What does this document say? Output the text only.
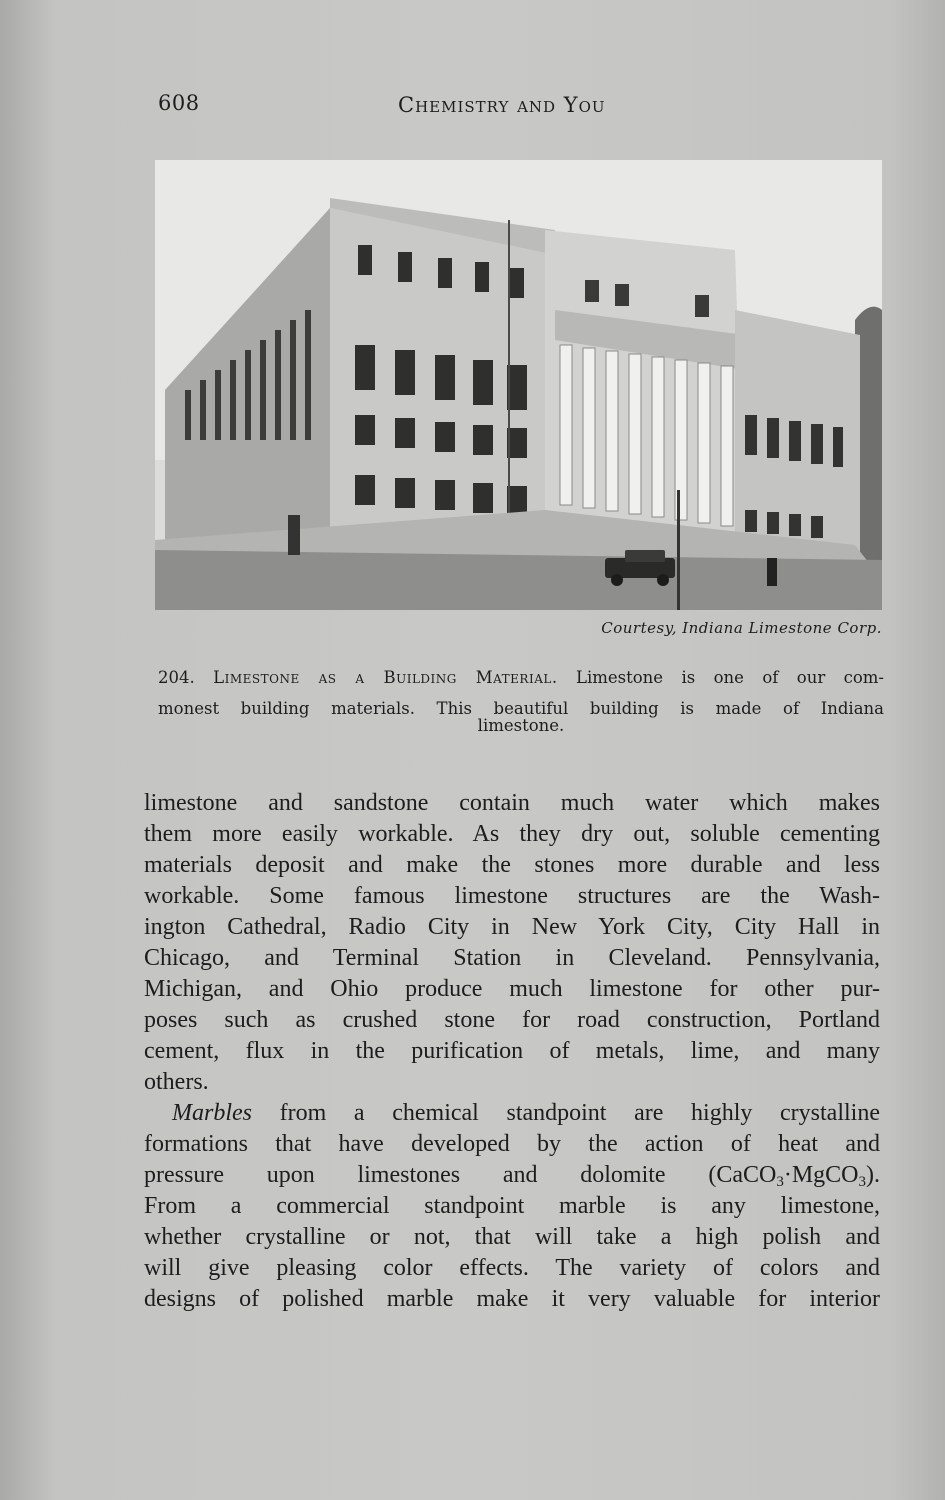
608	Chemistry and You
Courtesy, Indiana Limestone Corp.
204. Limestone as a Building Material. Limestone is one of our com-
monest building materials. This beautiful building is made of Indiana
limestone.

limestone and sandstone contain much water which makes
them more easily workable. As they dry out, soluble cementing
materials deposit and make the stones more durable and less
workable. Some famous limestone structures are the Wash-
ington Cathedral, Radio City in New York City, City Hall in
Chicago, and Terminal Station in Cleveland. Pennsylvania,
Michigan, and Ohio produce much limestone for other pur-
poses such as crushed stone for road construction, Portland
cement, flux in the purification of metals, lime, and many
others.

Marbles from a chemical standpoint are highly crystalline
formations that have developed by the action of heat and
pressure upon limestones and dolomite (CaCO$_3$·MgCO$_3$).
From a commercial standpoint marble is any limestone,
whether crystalline or not, that will take a high polish and
will give pleasing color effects. The variety of colors and
designs of polished marble make it very valuable for interior
